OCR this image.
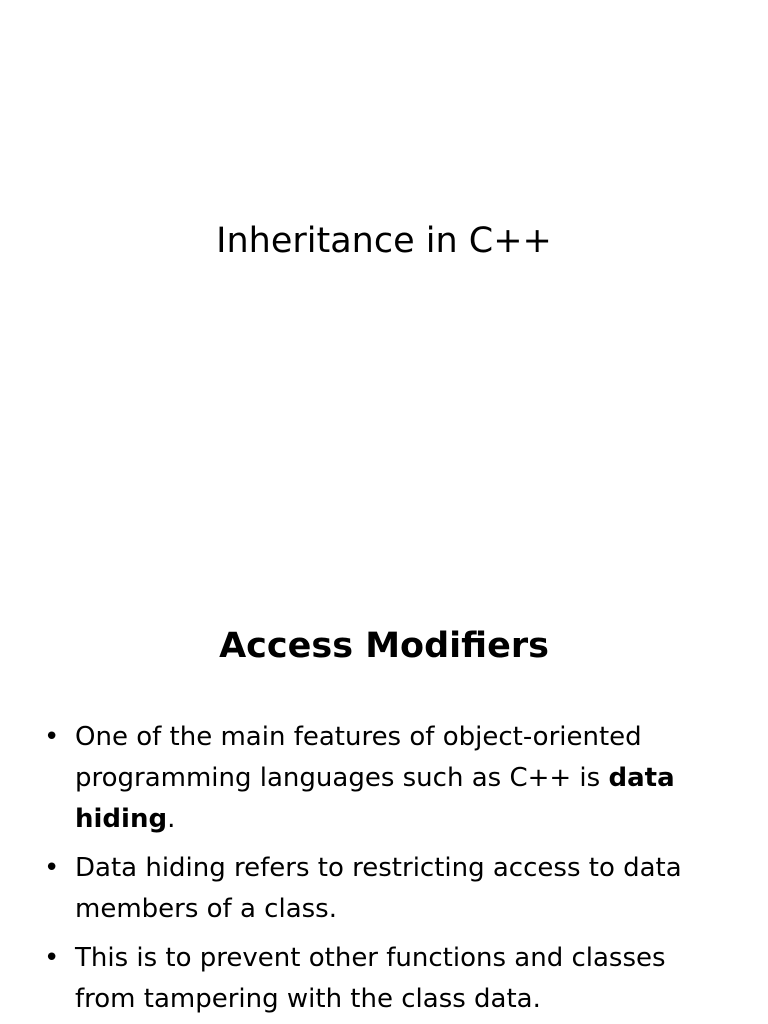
Inheritance in C++
Access Modifiers
• One of the main features of object-oriented programming languages such as C++ is data hiding.
• Data hiding refers to restricting access to data members of a class.
• This is to prevent other functions and classes from tampering with the class data.
